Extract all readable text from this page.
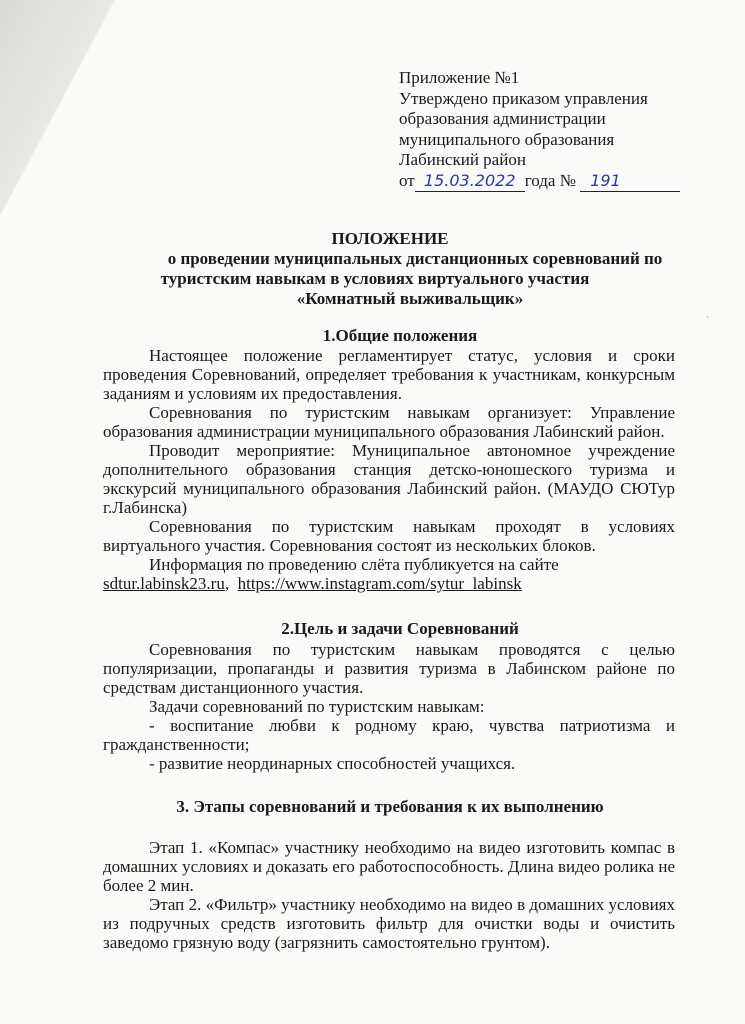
Приложение №1
Утверждено приказом управления
образования администрации
муниципального образования
Лабинский район
от 15.03.2022 года № 191
ПОЛОЖЕНИЕ
о проведении муниципальных дистанционных соревнований по
туристским навыкам в условиях виртуального участия
«Комнатный выживальщик»
1.Общие положения

Настоящее положение регламентирует статус, условия и сроки проведения Соревнований, определяет требования к участникам, конкурсным заданиям и условиям их предоставления.

Соревнования по туристским навыкам организует: Управление образования администрации муниципального образования Лабинский район.

Проводит мероприятие: Муниципальное автономное учреждение дополнительного образования станция детско-юношеского туризма и экскурсий муниципального образования Лабинский район. (МАУДО СЮТур г.Лабинска)

Соревнования по туристским навыкам проходят в условиях виртуального участия. Соревнования состоят из нескольких блоков.

Информация по проведению слёта публикуется на сайте

sdtur.labinsk23.ru, https://www.instagram.com/sytur_labinsk

2.Цель и задачи Соревнований

Соревнования по туристским навыкам проводятся с целью популяризации, пропаганды и развития туризма в Лабинском районе по средствам дистанционного участия.

Задачи соревнований по туристским навыкам:

- воспитание любви к родному краю, чувства патриотизма и гражданственности;

- развитие неординарных способностей учащихся.

3. Этапы соревнований и требования к их выполнению

Этап 1. «Компас» участнику необходимо на видео изготовить компас в домашних условиях и доказать его работоспособность. Длина видео ролика не более 2 мин.

Этап 2. «Фильтр» участнику необходимо на видео в домашних условиях из подручных средств изготовить фильтр для очистки воды и очистить заведомо грязную воду (загрязнить самостоятельно грунтом).

·
